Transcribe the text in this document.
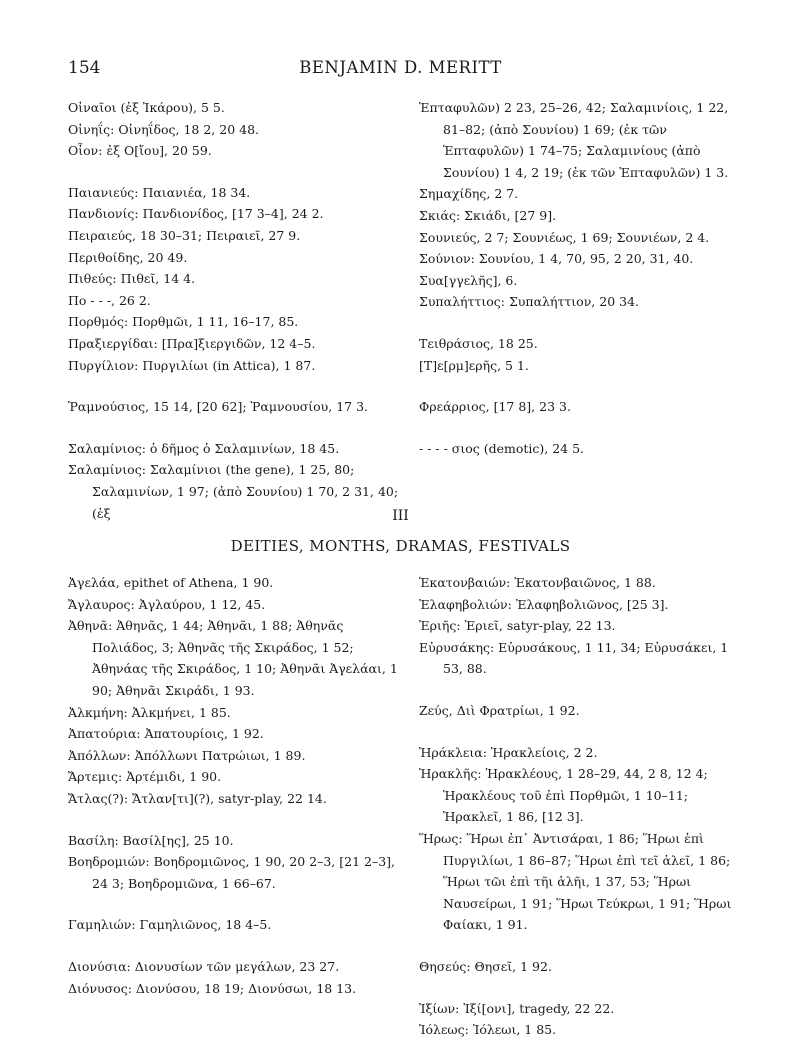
154	BENJAMIN D. MERITT

Οἰναῖοι (ἐξ Ἰκάρου), 5 5.

Οἰνηΐς: Οἰνηΐδος, 18 2, 20 48.

Οἶον: ἐξ Ο[ἴου], 20 59.

Παιανιεύς: Παιανιέα, 18 34.

Πανδιονίς: Πανδιονίδος, [17 3–4], 24 2.

Πειραιεύς, 18 30–31; Πειραιεῖ, 27 9.

Περιθοίδης, 20 49.

Πιθεύς: Πιθεῖ, 14 4.

Πο - - -, 26 2.

Πορθμός: Πορθμῶι, 1 11, 16–17, 85.

Πραξιεργίδαι: [Πρα]ξιεργιδῶν, 12 4–5.

Πυργίλιον: Πυργιλίωι (in Attica), 1 87.

Ῥαμνούσιος, 15 14, [20 62]; Ῥαμνουσίου, 17 3.

Σαλαμίνιος: ὁ δῆμος ὁ Σαλαμινίων, 18 45.

Σαλαμίνιος: Σαλαμίνιοι (the gene), 1 25, 80; Σαλαμινίων, 1 97; (ἀπὸ Σουνίου) 1 70, 2 31, 40; (ἐξ

Ἑπταφυλῶν) 2 23, 25–26, 42; Σαλαμινίοις, 1 22, 81–82; (ἀπὸ Σουνίου) 1 69; (ἐκ τῶν Ἑπταφυλῶν) 1 74–75; Σαλαμινίους (ἀπὸ Σουνίου) 1 4, 2 19; (ἐκ τῶν Ἑπταφυλῶν) 1 3.

Σημαχίδης, 2 7.

Σκιάς: Σκιάδι, [27 9].

Σουνιεύς, 2 7; Σουνιέως, 1 69; Σουνιέων, 2 4.

Σούνιον: Σουνίου, 1 4, 70, 95, 2 20, 31, 40.

Συα[γγελῆς], 6.

Συπαλήττιος: Συπαλήττιον, 20 34.

Τειθράσιος, 18 25.

[Τ]ε[ρμ]ερῆς, 5 1.

Φρεάρριος, [17 8], 23 3.

- - - - σιος (demotic), 24 5.

III
DEITIES, MONTHS, DRAMAS, FESTIVALS

Ἀγελάα, epithet of Athena, 1 90.

Ἄγλαυρος: Ἀγλαύρου, 1 12, 45.

Ἀθηνᾶ: Ἀθηνᾶς, 1 44; Ἀθηνᾶι, 1 88; Ἀθηνᾶς Πολιάδος, 3; Ἀθηνᾶς τῆς Σκιράδος, 1 52; Ἀθηνάας τῆς Σκιράδος, 1 10; Ἀθηνᾶι Ἀγελάαι, 1 90; Ἀθηνᾶι Σκιράδι, 1 93.

Ἀλκμήνη: Ἀλκμήνει, 1 85.

Ἀπατούρια: Ἀπατουρίοις, 1 92.

Ἀπόλλων: Ἀπόλλωνι Πατρώιωι, 1 89.

Ἄρτεμις: Ἀρτέμιδι, 1 90.

Ἄτλας(?): Ἄτλαν[τι](?), satyr-play, 22 14.

Βασίλη: Βασίλ[ης], 25 10.

Βοηδρομιών: Βοηδρομιῶνος, 1 90, 20 2–3, [21 2–3], 24 3; Βοηδρομιῶνα, 1 66–67.

Γαμηλιών: Γαμηλιῶνος, 18 4–5.

Διονύσια: Διονυσίων τῶν μεγάλων, 23 27.

Διόνυσος: Διονύσου, 18 19; Διονύσωι, 18 13.

Ἑκατονβαιών: Ἑκατονβαιῶνος, 1 88.

Ἐλαφηβολιών: Ἐλαφηβολιῶνος, [25 3].

Ἐριῆς: Ἐριεῖ, satyr-play, 22 13.

Εὐρυσάκης: Εὐρυσάκους, 1 11, 34; Εὐρυσάκει, 1 53, 88.

Ζεύς, Διὶ Φρατρίωι, 1 92.

Ἡράκλεια: Ἡρακλείοις, 2 2.

Ἡρακλῆς: Ἡρακλέους, 1 28–29, 44, 2 8, 12 4; Ἡρακλέους τοῦ ἐπὶ Πορθμῶι, 1 10–11; Ἡρακλεῖ, 1 86, [12 3].

Ἥρως: Ἥρωι ἐπ᾽ Ἀντισάραι, 1 86; Ἥρωι ἐπὶ Πυργιλίωι, 1 86–87; Ἥρωι ἐπὶ τεῖ ἁλεῖ, 1 86; Ἥρωι τῶι ἐπὶ τῆι ἁλῆι, 1 37, 53; Ἥρωι Ναυσείρωι, 1 91; Ἥρωι Τεύκρωι, 1 91; Ἥρωι Φαίακι, 1 91.

Θησεύς: Θησεῖ, 1 92.

Ἰξίων: Ἰξί[ονι], tragedy, 22 22.

Ἰόλεως: Ἰόλεωι, 1 85.
